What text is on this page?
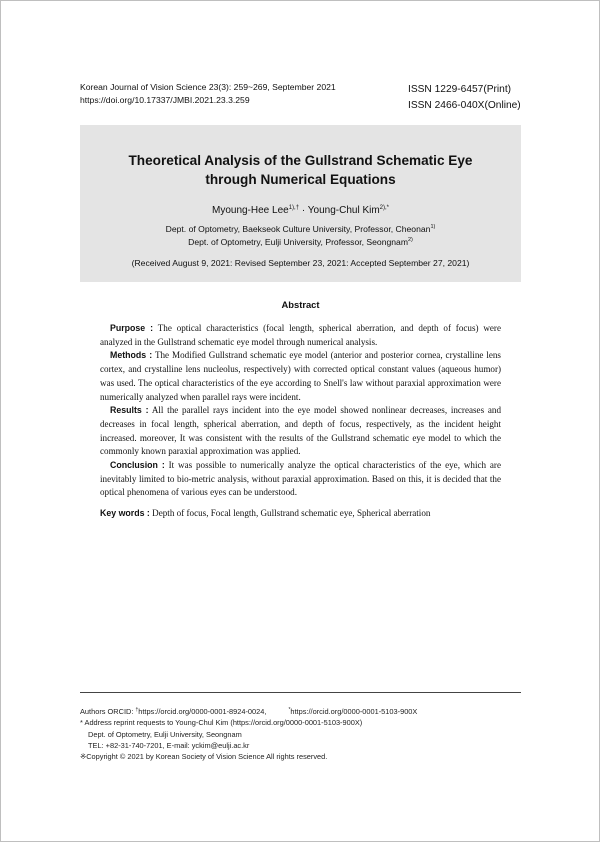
Korean Journal of Vision Science 23(3): 259~269, September 2021
https://doi.org/10.17337/JMBI.2021.23.3.259
ISSN 1229-6457(Print)
ISSN 2466-040X(Online)
Theoretical Analysis of the Gullstrand Schematic Eye
through Numerical Equations
Myoung-Hee Lee$^{1),\dagger}$ · Young-Chul Kim$^{2),*}$
Dept. of Optometry, Baekseok Culture University, Professor, Cheonan$^{1)}$
Dept. of Optometry, Eulji University, Professor, Seongnam$^{2)}$
(Received August 9, 2021: Revised September 23, 2021: Accepted September 27, 2021)
Abstract

Purpose : The optical characteristics (focal length, spherical aberration, and depth of focus) were analyzed in the Gullstrand schematic eye model through numerical analysis.

Methods : The Modified Gullstrand schematic eye model (anterior and posterior cornea, crystalline lens cortex, and crystalline lens nucleolus, respectively) with corrected optical constant values (aqueous humor) was used. The optical characteristics of the eye according to Snell's law without paraxial approximation were numerically analyzed when parallel rays were incident.

Results : All the parallel rays incident into the eye model showed nonlinear decreases, increases and decreases in focal length, spherical aberration, and depth of focus, respectively, as the incident height increased. moreover, It was consistent with the results of the Gullstrand schematic eye model to which the commonly known paraxial approximation was applied.

Conclusion : It was possible to numerically analyze the optical characteristics of the eye, which are inevitably limited to bio-metric analysis, without paraxial approximation. Based on this, it is decided that the optical phenomena of various eyes can be understood.

Key words : Depth of focus, Focal length, Gullstrand schematic eye, Spherical aberration
Authors ORCID: †https://orcid.org/0000-0001-8924-0024,	*https://orcid.org/0000-0001-5103-900X
* Address reprint requests to Young-Chul Kim (https://orcid.org/0000-0001-5103-900X)
Dept. of Optometry, Eulji University, Seongnam
TEL: +82-31-740-7201, E-mail: yckim@eulji.ac.kr
※Copyright © 2021 by Korean Society of Vision Science All rights reserved.
